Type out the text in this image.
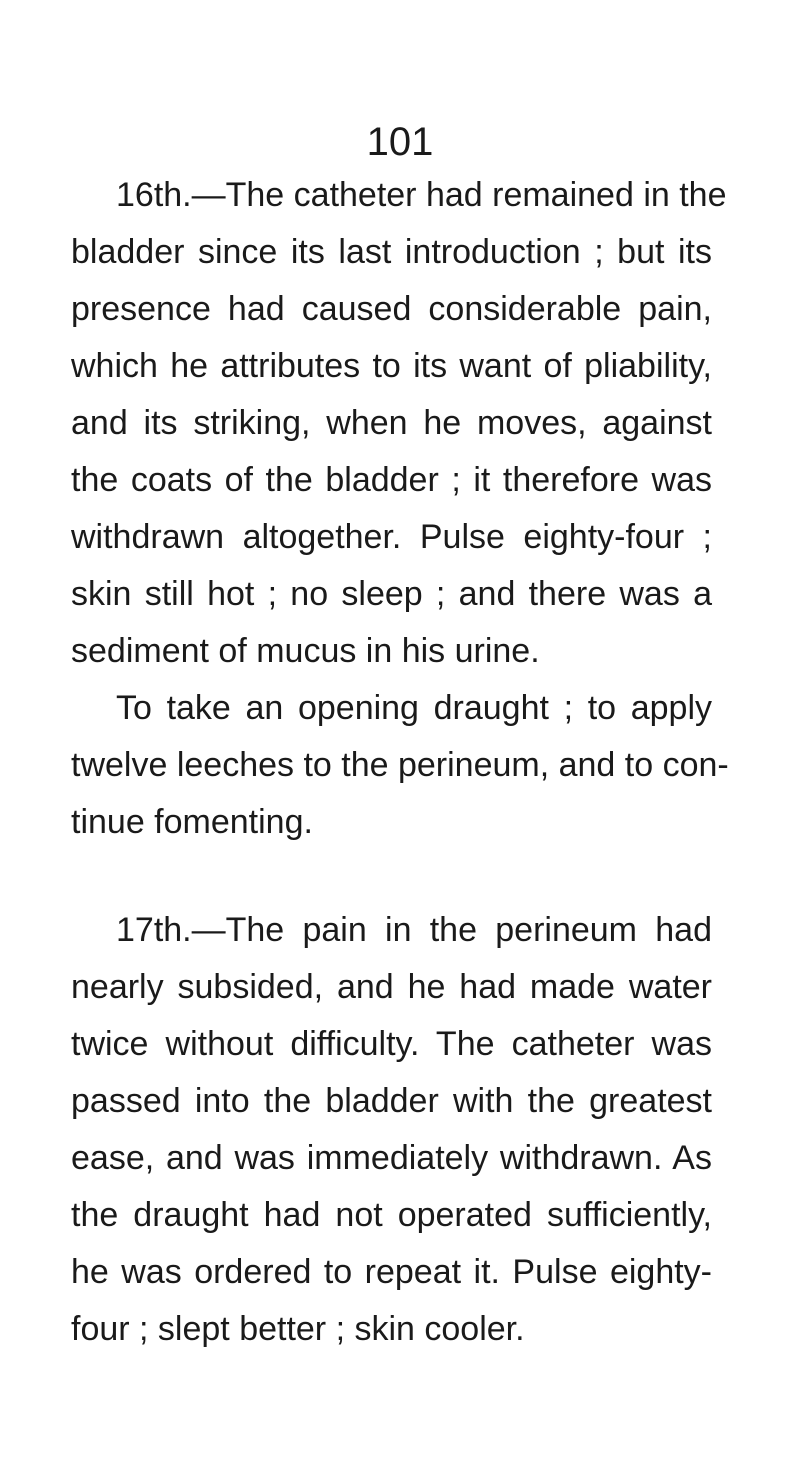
101
16th.—The catheter had remained in the
bladder since its last introduction ; but its
presence had caused considerable pain,
which he attributes to its want of pliability,
and its striking, when he moves, against
the coats of the bladder ; it therefore was
withdrawn altogether. Pulse eighty-four ;
skin still hot ; no sleep ; and there was a
sediment of mucus in his urine.
To take an opening draught ; to apply
twelve leeches to the perineum, and to con-
tinue fomenting.
17th.—The pain in the perineum had
nearly subsided, and he had made water
twice without difficulty. The catheter was
passed into the bladder with the greatest
ease, and was immediately withdrawn. As
the draught had not operated sufficiently,
he was ordered to repeat it. Pulse eighty-
four ; slept better ; skin cooler.
